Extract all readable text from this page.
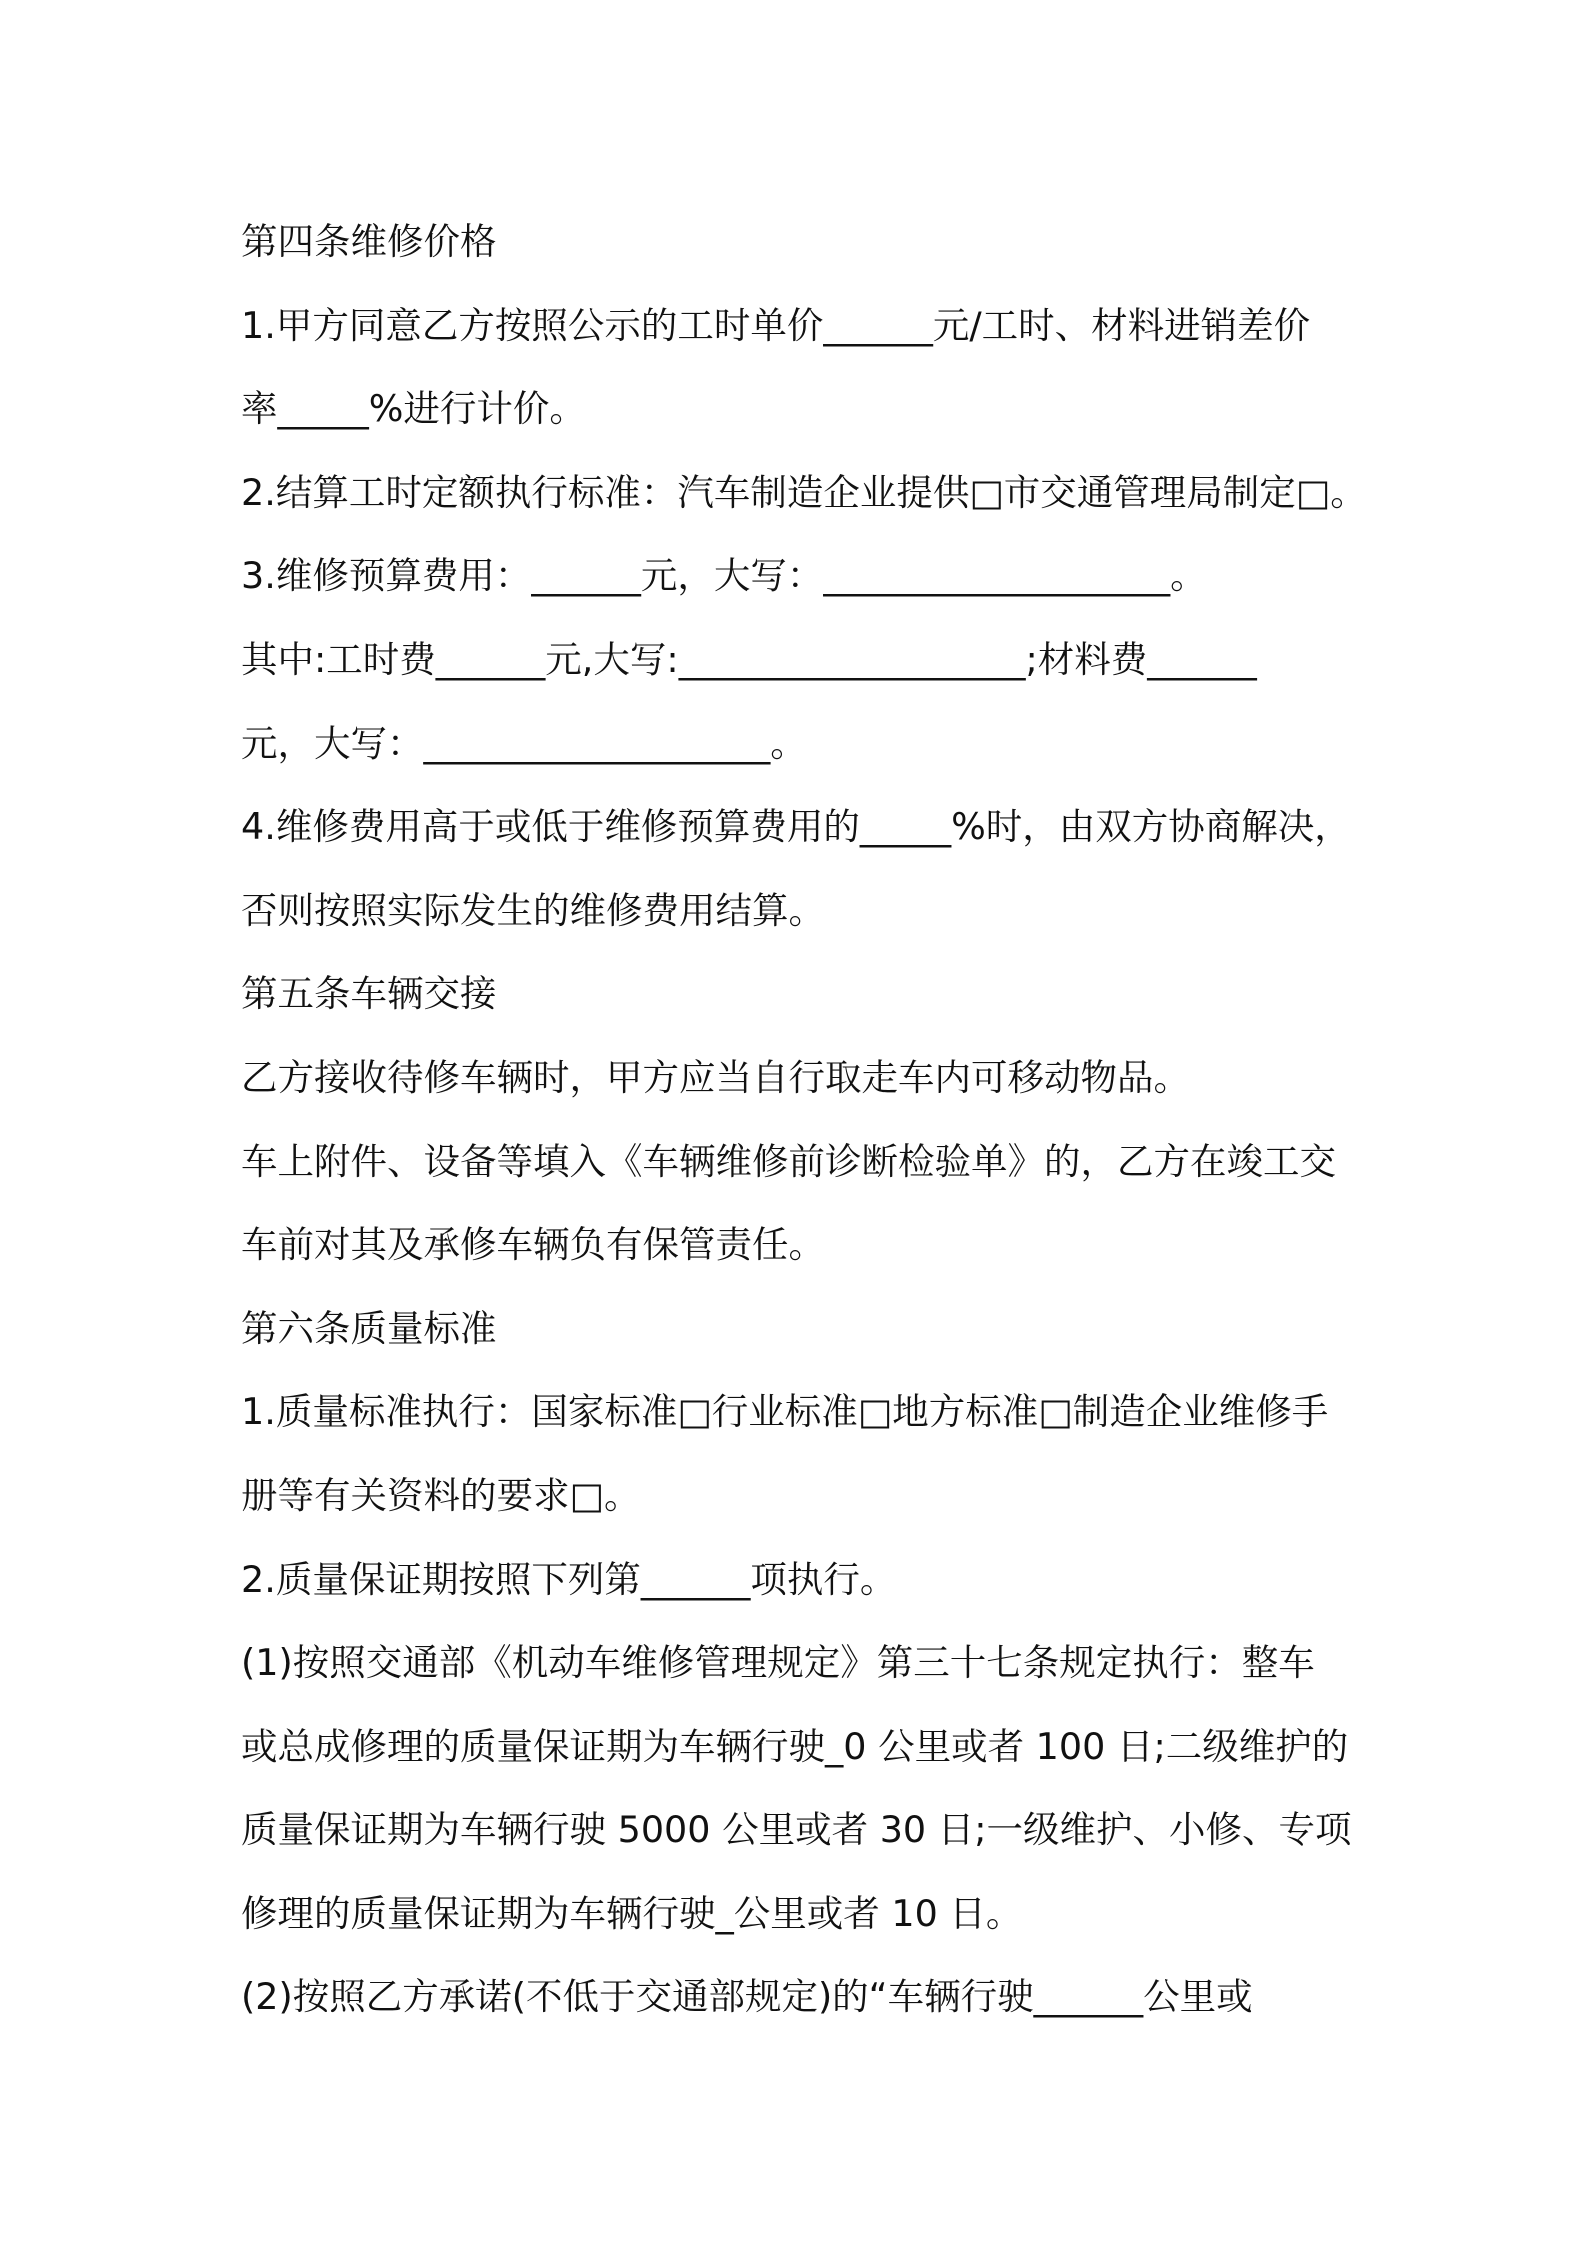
第四条维修价格
1.甲方同意乙方按照公示的工时单价______元/工时、材料进销差价
率_____%进行计价。
2.结算工时定额执行标准：汽车制造企业提供□市交通管理局制定□。
3.维修预算费用：______元，大写：___________________。
其中:工时费______元,大写:___________________;材料费______
元，大写：___________________。
4.维修费用高于或低于维修预算费用的_____%时，由双方协商解决，
否则按照实际发生的维修费用结算。
第五条车辆交接
乙方接收待修车辆时，甲方应当自行取走车内可移动物品。
车上附件、设备等填入《车辆维修前诊断检验单》的，乙方在竣工交
车前对其及承修车辆负有保管责任。
第六条质量标准
1.质量标准执行：国家标准□行业标准□地方标准□制造企业维修手
册等有关资料的要求□。
2.质量保证期按照下列第______项执行。
(1)按照交通部《机动车维修管理规定》第三十七条规定执行：整车
或总成修理的质量保证期为车辆行驶_0 公里或者 100 日;二级维护的
质量保证期为车辆行驶 5000 公里或者 30 日;一级维护、小修、专项
修理的质量保证期为车辆行驶_公里或者 10 日。
(2)按照乙方承诺(不低于交通部规定)的“车辆行驶______公里或
